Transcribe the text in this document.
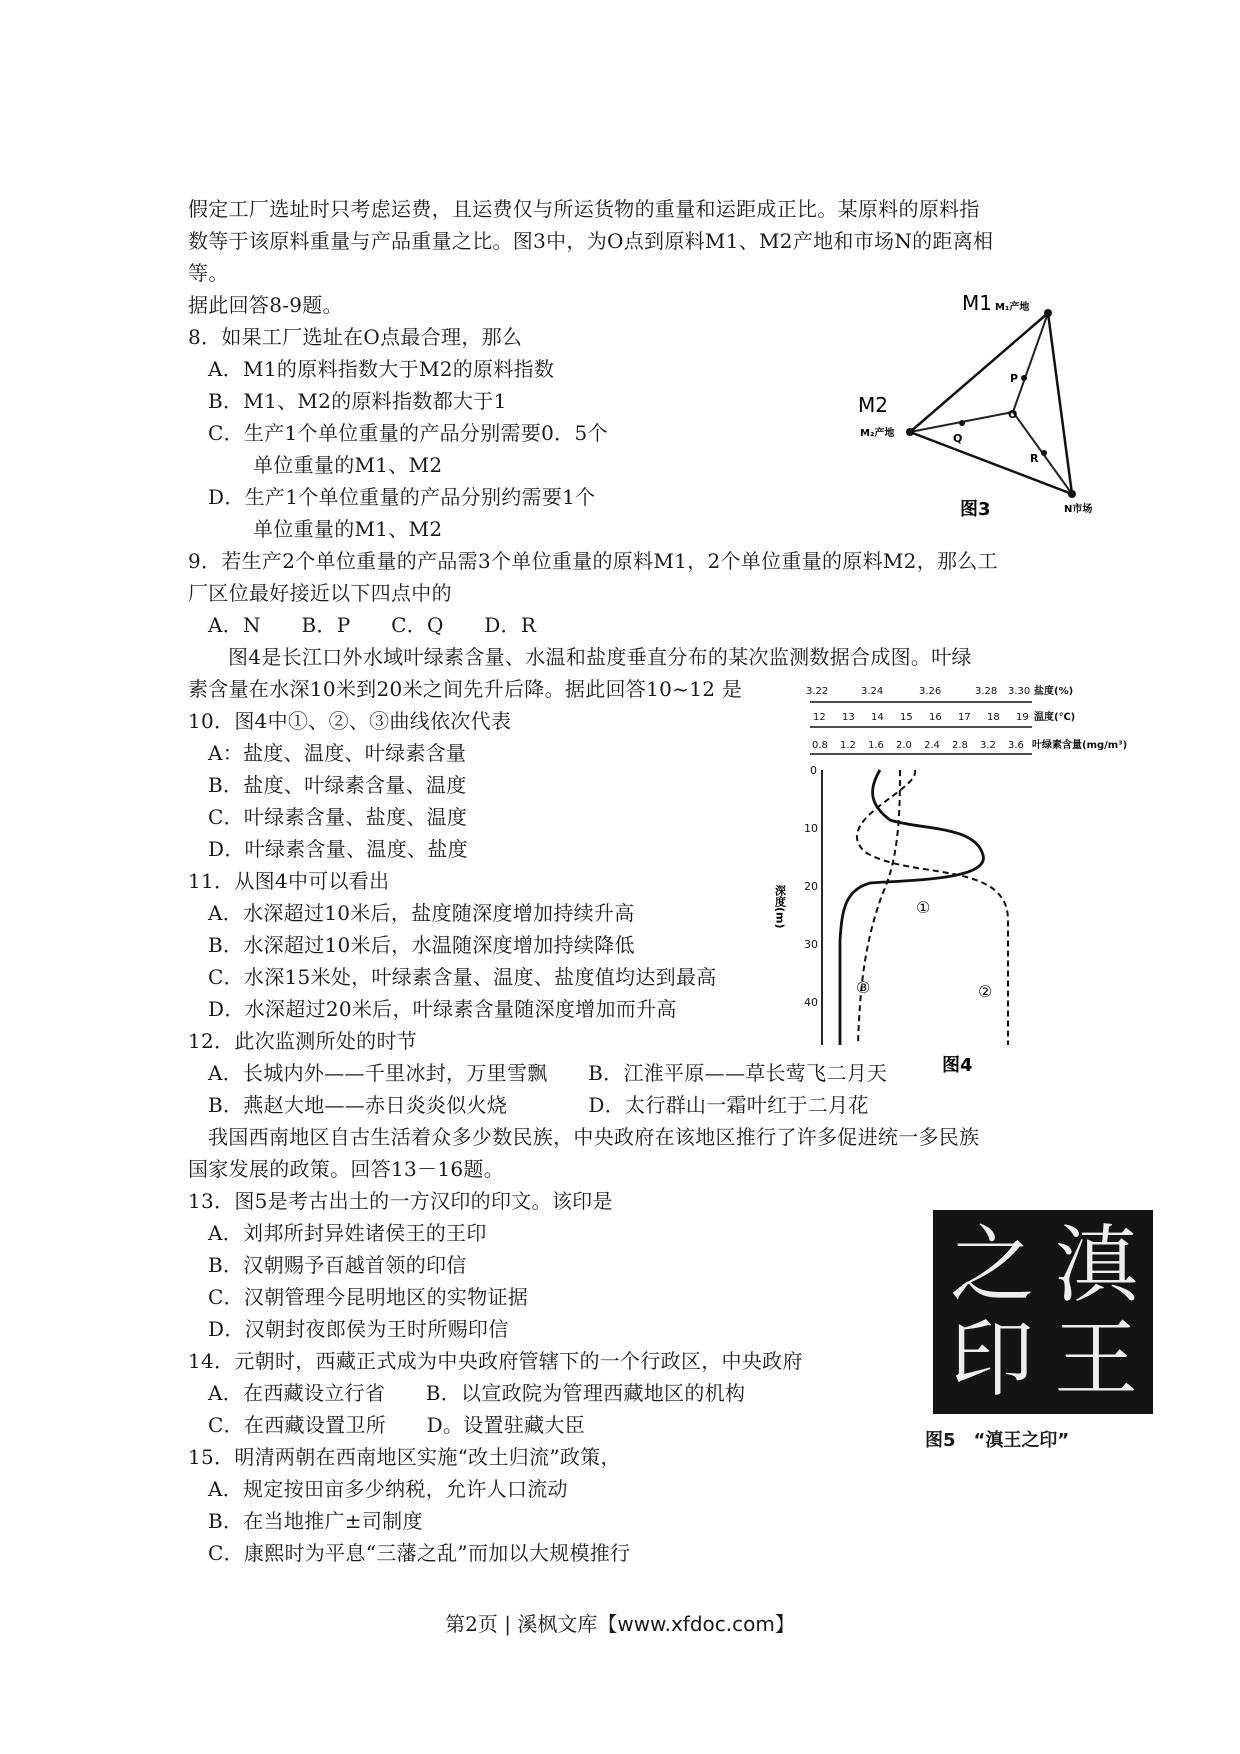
假定工厂选址时只考虑运费，且运费仅与所运货物的重量和运距成正比。某原料的原料指
数等于该原料重量与产品重量之比。图3中，为O点到原料M1、M2产地和市场N的距离相
等。
据此回答8-9题。
8．如果工厂选址在O点最合理，那么
A．M1的原料指数大于M2的原料指数
B．M1、M2的原料指数都大于1
C．生产1个单位重量的产品分别需要0．5个
单位重量的M1、M2
D．生产1个单位重量的产品分别约需要1个
单位重量的M1、M2
9．若生产2个单位重量的产品需3个单位重量的原料M1，2个单位重量的原料M2，那么工
厂区位最好接近以下四点中的
A．N　　B．P　　C．Q　　D．R
图4是长江口外水域叶绿素含量、水温和盐度垂直分布的某次监测数据合成图。叶绿
素含量在水深10米到20米之间先升后降。据此回答10~12 是
10．图4中①、②、③曲线依次代表
A：盐度、温度、叶绿素含量
B．盐度、叶绿素含量、温度
C．叶绿素含量、盐度、温度
D．叶绿素含量、温度、盐度
11．从图4中可以看出
A．水深超过10米后，盐度随深度增加持续升高
B．水深超过10米后，水温随深度增加持续降低
C．水深15米处，叶绿素含量、温度、盐度值均达到最高
D．水深超过20米后，叶绿素含量随深度增加而升高
12．此次监测所处的时节
A．长城内外——千里冰封，万里雪飘　　B．江淮平原——草长莺飞二月天
B．燕赵大地——赤日炎炎似火烧　　　　D．太行群山一霜叶红于二月花
我国西南地区自古生活着众多少数民族，中央政府在该地区推行了许多促进统一多民族
国家发展的政策。回答13－16题。
13．图5是考古出土的一方汉印的印文。该印是
A．刘邦所封异姓诸侯王的王印
B．汉朝赐予百越首领的印信
C．汉朝管理今昆明地区的实物证据
D．汉朝封夜郎侯为王时所赐印信
14．元朝时，西藏正式成为中央政府管辖下的一个行政区，中央政府
A．在西藏设立行省　　B．以宣政院为管理西藏地区的机构
C．在西藏设置卫所　　D。设置驻藏大臣
15．明清两朝在西南地区实施“改土归流”政策，
A．规定按田亩多少纳税，允许人口流动
B．在当地推广±司制度
C．康熙时为平息“三藩之乱”而加以大规模推行
M1 M₁产地
M2
M₂产地
N市场
O
P
Q
R
图3
3.22	3.24	3.26	3.28 3.30 盐度(%)
12 13 14 15 16 17 18 19 温度(℃)
0.8 1.2 1.6 2.0 2.4 2.8 3.2 3.6 叶绿素含量(mg/m³)
0
10
20
30
40
深度(m)	①
②
③
图4
滇
王
之
印
图5　“滇王之印”
第2页 | 溪枫文库【www.xfdoc.com】
